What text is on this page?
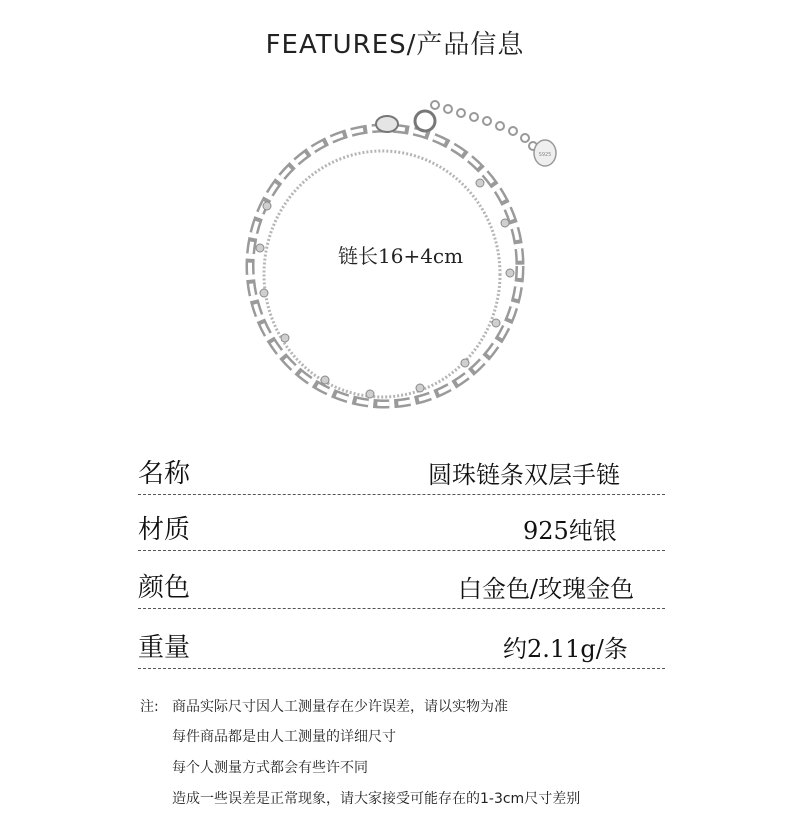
FEATURES/产品信息
S925
链长16+4cm
名称	圆珠链条双层手链
材质	925纯银
颜色	白金色/玫瑰金色
重量	约2.11g/条
注: 商品实际尺寸因人工测量存在少许误差，请以实物为准
每件商品都是由人工测量的详细尺寸
每个人测量方式都会有些许不同
造成一些误差是正常现象，请大家接受可能存在的1-3cm尺寸差别
